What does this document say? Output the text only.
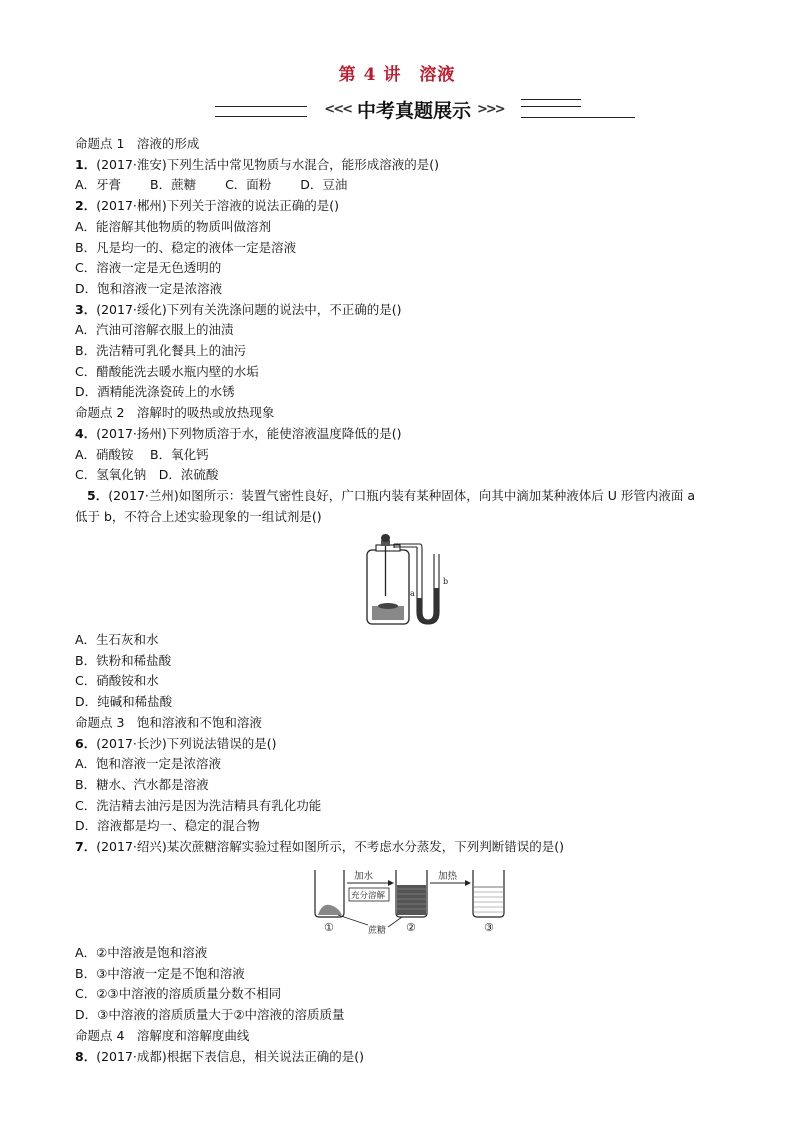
第 4 讲 溶液
<<< 中考真题展示 >>>
命题点 1　溶液的形成
1．(2017·淮安)下列生活中常见物质与水混合，能形成溶液的是()
A．牙膏　　 B．蔗糖　　 C．面粉　　 D．豆油
2．(2017·郴州)下列关于溶液的说法正确的是()
A．能溶解其他物质的物质叫做溶剂
B．凡是均一的、稳定的液体一定是溶液
C．溶液一定是无色透明的
D．饱和溶液一定是浓溶液
3．(2017·绥化)下列有关洗涤问题的说法中，不正确的是()
A．汽油可溶解衣服上的油渍
B．洗洁精可乳化餐具上的油污
C．醋酸能洗去暖水瓶内壁的水垢
D．酒精能洗涤瓷砖上的水锈
命题点 2　溶解时的吸热或放热现象
4．(2017·扬州)下列物质溶于水，能使溶液温度降低的是()
A．硝酸铵　 B．氧化钙
C．氢氧化钠　D．浓硫酸
5．(2017·兰州)如图所示：装置气密性良好，广口瓶内装有某种固体，向其中滴加某种液体后 U 形管内液面 a
低于 b，不符合上述实验现象的一组试剂是()
a
b
A．生石灰和水
B．铁粉和稀盐酸
C．硝酸铵和水
D．纯碱和稀盐酸
命题点 3　饱和溶液和不饱和溶液
6．(2017·长沙)下列说法错误的是()
A．饱和溶液一定是浓溶液
B．糖水、汽水都是溶液
C．洗洁精去油污是因为洗洁精具有乳化功能
D．溶液都是均一、稳定的混合物
7．(2017·绍兴)某次蔗糖溶解实验过程如图所示，不考虑水分蒸发，下列判断错误的是()
加水
充分溶解
加热
蔗糖
①	②	③
A．②中溶液是饱和溶液
B．③中溶液一定是不饱和溶液
C．②③中溶液的溶质质量分数不相同
D．③中溶液的溶质质量大于②中溶液的溶质质量
命题点 4　溶解度和溶解度曲线
8．(2017·成都)根据下表信息，相关说法正确的是()
